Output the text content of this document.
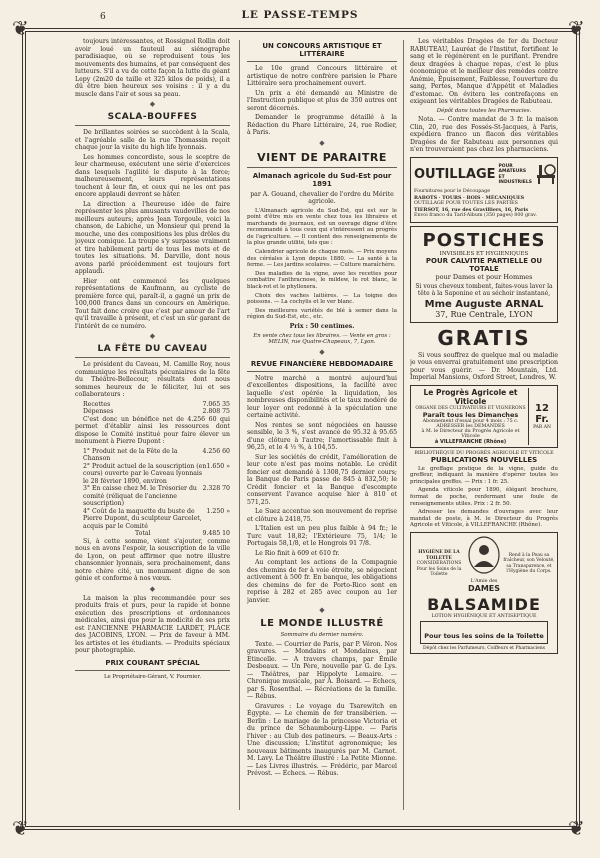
❦	❦
❦	❦
6	LE PASSE-TEMPS

toujours intéressantes, et Rossignol Rollin doit avoir loué un fauteuil au siénographe paradisiaque, où se reproduisent tous les mouvements des humains, et par conséquent des lutteurs. S'il a vu de cette façon la lutte du géant Lepy (2m20 de taille et 325 kilos de poids), il a dû être bien heureux ses voisins : il y a du muscle dans l'air et sous sa peau.

◆
SCALA-BOUFFES

De brillantes soirées se succèdent à la Scala, et l'agréable salle de la rue Thomassin reçoit chaque jour la visite du high life lyonnais.

Les hommes concordiste, sous le sceptre de leur charmeuse, exécutent une série d'exercices dans lesquels l'agilité le dispute à la force; malheureusement, leurs représentations touchent à leur fin, et ceux qui ne les ont pas encore applaudi devront se hâter.

La direction a l'heureuse idée de faire représenter les plus amusants vaudevilles de nos meilleurs auteurs; après Jean Torgoule, voici la chanson, de Labiche, un Monsieur qui prend la mouche, une des compositions les plus drôles du joyeux comique. La troupe s'y surpasse vraiment et tire habilement parti de tous les mots et de toutes les situations. M. Darville, dont nous avons parlé précédemment est toujours fort applaudi.

Hier ont commencé les quelques représentations de Kaufmann, au cycliste de première force qui, paraît-il, a gagné un prix de 100,000 francs dans un concours en Amérique. Tout fait donc croire que c'est par amour de l'art qu'il travaille à présent, et c'est un sûr garant de l'intérêt de ce numéro.

◆
LA FÊTE DU CAVEAU

Le président du Caveau, M. Camille Roy, nous communique les résultats pécuniaires de la fête du Théâtre-Bellecour, résultats dont nous sommes heureux de le féliciter, lui et ses collaborateurs :

Recettes	7.065 35
Dépenses	2.808 75

C'est donc un bénéfice net de 4.256 60 qui permet d'établir ainsi les ressources dont dispose le Comité institué pour faire élever un monument à Pierre Dupont :

1° Produit net de la Fête de la Chanson
4.256 60
2° Produit actuel de la souscription (en cours) ouverte par le Caveau lyonnais le 28 février 1890, environ
1.650 »
3° En caisse chez M. le Trésorier du comité (réliquat de l'ancienne souscription)
2.328 70
4° Coût de la maquette du buste de Pierre Dupont, du sculpteur Garcelet, acquis par le Comité
1.250 »
Total	9.485 10

Si, à cette somme, vient s'ajouter, comme nous en avons l'espoir, la souscription de la ville de Lyon, on peut affirmer que notre illustre chansonnier lyonnais, sera prochainement, dans notre chère cité, un monument digne de son génie et conforme à nos vœux.

◆

La maison la plus recommandée pour ses produits frais et purs, pour la rapide et bonne exécution des prescriptions et ordonnances médicales, ainsi que pour la modicité de ses prix est l'ANCIENNE PHARMACIE LARDET, PLACE des JACOBINS, LYON. — Prix de faveur à MM. les artistes et les étudiants. — Produits spéciaux pour photographie.

PRIX COURANT SPÉCIAL

Le Propriétaire-Gérant, V. Fournier.

UN CONCOURS ARTISTIQUE ET LITTÉRAIRE

Le 10e grand Concours littéraire et artistique de notre confrère parisien le Phare Littéraire sera prochainement ouvert.

Un prix a été demandé au Ministre de l'Instruction publique et plus de 350 autres ont seront décernés.

Demander le programme détaillé à la Rédaction du Phare Littéraire, 24, rue Rodier, à Paris.

◆
VIENT DE PARAITRE
Almanach agricole du Sud-Est pour 1891

par A. Gouand, chevalier de l'ordre du Mérite agricole.

L'Almanach agricole du Sud-Est, qui est sur le point d'être mis en vente chez tous les libraires et marchands de journaux, est un ouvrage digne d'être recommandé à tous ceux qui s'intéressent au progrès de l'agriculture. — Il contient des renseignements de la plus grande utilité, tels que :

Calendrier agricole de chaque mois. — Prix moyens des céréales à Lyon depuis 1880. — La santé à la ferme. — Les jardins scolaires. — Culture maraîchère.

Des maladies de la vigne, avec les recettes pour combattre l'anthracnose, le mildew, le rot blanc, le black-rot et le phylloxera.

Choix des vaches laitières. — La toigne des poissons. — La cochylis et le ver blanc.

Des meilleures variétés de blé à semer dans la région du Sud-Est, etc., etc.

Prix : 50 centimes.

En vente chez tous les libraires. — Vente en gros : MELIN, rue Quatre-Chapeaux, 7, Lyon.

◆
REVUE FINANCIÈRE HEBDOMADAIRE

Notre marché a montré aujourd'hui d'excellentes dispositions, la facilité avec laquelle s'est opérée la liquidation, les nombreuses disponibilités et le taux modéré de leur loyer ont redonné à la spéculation une certaine activité.

Nos rentes se sont négociées en hausse sensible, le 3 %, s'est avancé de 95.32 à 95.65 d'une clôture à l'autre; l'amortissable finit à 96,25, et le 4 ½ %, à 104,55.

Sur les sociétés de crédit, l'amélioration de leur cote n'est pas moins notable. Le crédit foncier est demandé à 1308,75 dernier cours; la Banque de Paris passe de 845 à 832,50; le Crédit foncier et la Banque d'escompte conservent l'avance acquise hier à 810 et 571,25.

Le Suez accentue son mouvement de reprise et clôture à 2418,75.

L'Italien est un peu plus faible à 94 fr.; le Turc vaut 18,82; l'Extérieure 75, 1/4; le Portugais 58,1/8, et le Hongrois 91 7/8.

Le Rio finit à 609 et 610 fr.

Au comptant les actions de la Compagnie des chemins de fer à voie étroite, se négocient activement à 500 fr. En banque, les obligations des chemins de fer de Porto-Rico sont en reprise à 282 et 285 avec coupon au 1er janvier.

◆
LE MONDE ILLUSTRÉ

Sommaire du dernier numéro.

Texte. — Courrier de Paris, par P. Véron. Nos gravures. — Mondains et Mondaines, par Etincelle. — A travers champs, par Émile Desbeaux. — Un Père, nouvelle par G. de Lys. — Théâtres, par Hippolyte Lemaire. — Chronique musicale, par A. Boisard. — Echecs, par S. Rosenthal. — Récréations de la famille. — Rébus.

Gravures : Le voyage du Tsarewitch en Égypte. — Le chemin de fer transibérien. — Berlin : Le mariage de la princesse Victoria et du prince de Schaumbourg-Lippe. — Paris l'hiver : au Club des patineurs. — Beaux-Arts : Une discussion; L'institut agronomique; les nouveaux bâtiments inaugurés par M. Carnot. M. Lavy. Le Théâtre illustré : La Petite Mionne. — Les Livres illustrés. — Frédéric, par Marcel Prévost. — Échecs. — Rébus.

Les véritables Dragées de fer du Docteur RABUTEAU, Lauréat de l'Institut, fortifient le sang et le régénèrent en le purifiant. Prendre deux dragées à chaque repas, c'est le plus économique et le meilleur des remèdes contre Anémie, Épuisement, Faiblesse, l'ouverture du sang, Pertes, Manque d'Appétit et Maladies d'estomac. On évitera les contrefaçons en exigeant les véritables Dragées de Rabuteau.

Dépôt dans toutes les Pharmacies.

Nota. — Contre mandat de 3 fr. la maison Clin, 20, rue des Fossés-St-Jacques, à Paris, expédiera franco un flacon des véritables Dragées de fer Rabuteau aux personnes qui n'en trouveraient pas chez les pharmaciens.

OUTILLAGE
POUR AMATEURS ET INDUSTRIELS
Fournitures pour le Découpage
RABOTS · TOURS · BOIS · MÉCANIQUES
OUTILLAGE POUR TOUTES LES PARTIES
TIERSOT, 16, rue des Gravilliers, 16, Paris
Envoi franco du Tarif-Album (350 pages) 800 grav.
POSTICHES
INVISIBLES ET HYGIENIQUES
POUR CALVITIE PARTIELLE OU TOTALE
pour Dames et pour Hommes
Si vous cheveux tombent, faites-vous laver la tête à la Saponine et au séchoir instantané,
Mme Auguste ARNAL
37, Rue Centrale, LYON
GRATIS

Si vous souffrez de quelque mal ou maladie je vous enverrai gratuitement une prescription pour vous guérir. — Dr. Mountain, Ltd. Imperial Mansions, Oxford Street, Londres, W.

Le Progrès Agricole et Viticole
ORGANE DES CULTIVATEURS ET VIGNERONS
Paraît tous les Dimanches
Abonnement d'essai pour 4 mois : 75 c.
ADRESSER les DEMANDES
à M. le Directeur du Progrès Agricole et Viticole
à VILLEFRANCHE (Rhône)
12 Fr.
PAR AN
BIBLIOTHÈQUE DU PROGRÈS AGRICOLE ET VITICOLE
PUBLICATIONS NOUVELLES

Le greffage pratique de la vigne, guide du greffeur, indiquant la manière d'opérer toutes les principales greffes. — Prix : 1 fr. 25.

Agenda viticole pour 1890, élégant brochure, format de poche, renfermant une foule de renseignements utiles. Prix : 2 fr. 50.

Adresser les demandes d'ouvrages avec leur mandat de poste, à M. le Directeur du Progrès Agricole et Viticole, à VILLEFRANCHE (Rhône).

HYGIÈNE DE LA TOILETTE
CONSIDÉRATIONS Pour les Soins de la Toilette
L'Amie des
DAMES
Rend à la Peau sa fraîcheur, son Velouté, sa Transparence, et l'Hygiène du Corps.
BALSAMIDE
LOTION HYGIÉNIQUE ET ANTISEPTIQUE
Pour tous les soins de la Toilette
Dépôt chez les Parfumeurs, Coiffeurs et Pharmaciens
